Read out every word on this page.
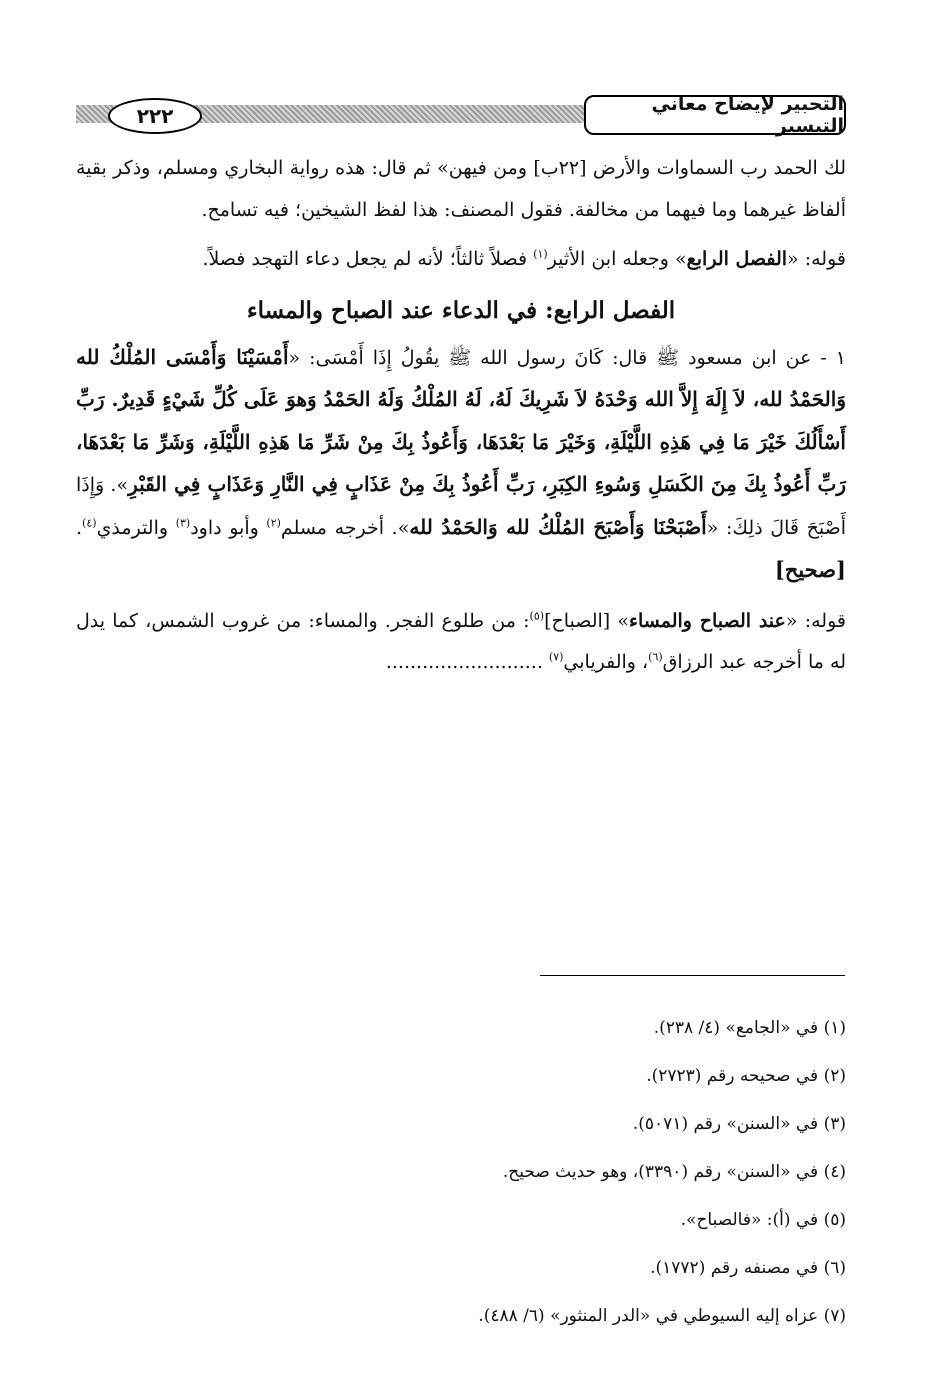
التحبير لإيضاح معاني التيسير
٢٢٢

لك الحمد رب السماوات والأرض [٢٢ب] ومن فيهن» ثم قال: هذه رواية البخاري ومسلم، وذكر بقية ألفاظ غيرهما وما فيهما من مخالفة. فقول المصنف: هذا لفظ الشيخين؛ فيه تسامح.

قوله: «الفصل الرابع» وجعله ابن الأثير$^{(١)}$ فصلاً ثالثاً؛ لأنه لم يجعل دعاء التهجد فصلاً.

الفصل الرابع: في الدعاء عند الصباح والمساء

١ - عن ابن مسعود ﷺ قال: كَانَ رسول الله ﷺ يقُولُ إِذَا أَمْسَى: «أَمْسَيْنَا وَأَمْسَى المُلْكُ لله وَالحَمْدُ لله، لاَ إِلَهَ إِلاَّ الله وَحْدَهُ لاَ شَرِيكَ لَهُ، لَهُ المُلْكُ وَلَهُ الحَمْدُ وَهوَ عَلَى كُلِّ شَيْءٍ قَدِيرٌ. رَبِّ أَسْأَلُكَ خَيْرَ مَا فِي هَذِهِ اللَّيْلَةِ، وَخَيْرَ مَا بَعْدَهَا، وَأَعُوذُ بِكَ مِنْ شَرِّ مَا هَذِهِ اللَّيْلَةِ، وَشَرِّ مَا بَعْدَهَا، رَبِّ أَعُوذُ بِكَ مِنَ الكَسَلِ وَسُوءِ الكِبَرِ، رَبِّ أَعُوذُ بِكَ مِنْ عَذَابٍ فِي النَّارِ وَعَذَابٍ فِي القَبْرِ». وَإِذَا أَصْبَحَ قَالَ ذلِكَ: «أَصْبَحْنَا وَأَصْبَحَ المُلْكُ لله وَالحَمْدُ لله». أخرجه مسلم$^{(٢)}$ وأبو داود$^{(٣)}$ والترمذي$^{(٤)}$. [صحيح]

قوله: «عند الصباح والمساء» [الصباح]$^{(٥)}$: من طلوع الفجر. والمساء: من غروب الشمس، كما يدل له ما أخرجه عبد الرزاق$^{(٦)}$، والفريابي$^{(٧)}$ ..........................

(١) في «الجامع» (٤/ ٢٣٨).
(٢) في صحيحه رقم (٢٧٢٣).
(٣) في «السنن» رقم (٥٠٧١).
(٤) في «السنن» رقم (٣٣٩٠)، وهو حديث صحيح.
(٥) في (أ): «فالصباح».
(٦) في مصنفه رقم (١٧٧٢).
(٧) عزاه إليه السيوطي في «الدر المنثور» (٦/ ٤٨٨).
